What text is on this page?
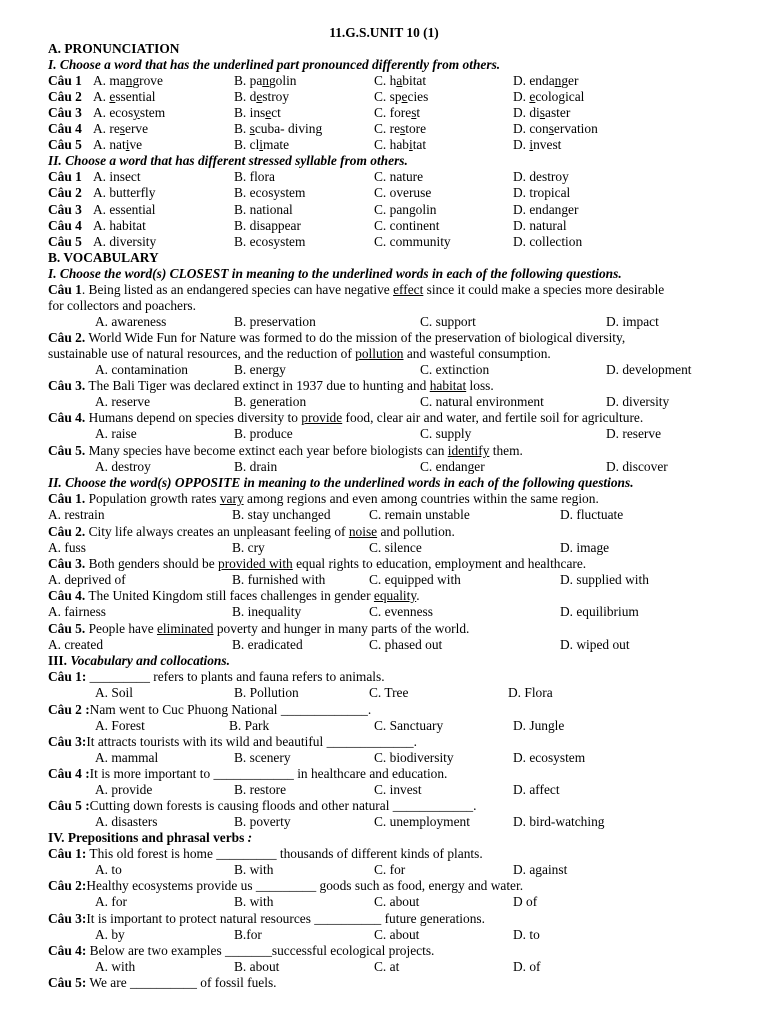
11.G.S.UNIT 10 (1)
A. PRONUNCIATION
I. Choose a word that has the underlined part pronounced differently from others.
II. Choose a word that has different stressed syllable from others.
B. VOCABULARY
I. Choose the word(s) CLOSEST in meaning to the underlined words in each of the following questions.
Câu 1. Being listed as an endangered species can have negative effect since it could make a species more desirable
for collectors and poachers.
A. awareness	B. preservation	C. support	D. impact
Câu 2. World Wide Fun for Nature was formed to do the mission of the preservation of biological diversity,
sustainable use of natural resources, and the reduction of pollution and wasteful consumption.
A. contamination	B. energy	C. extinction	D. development
Câu 3. The Bali Tiger was declared extinct in 1937 due to hunting and habitat loss.
A. reserve	B. generation	C. natural environment	D. diversity
Câu 4. Humans depend on species diversity to provide food, clear air and water, and fertile soil for agriculture.
A. raise	B. produce	C. supply	D. reserve
Câu 5. Many species have become extinct each year before biologists can identify them.
A. destroy	B. drain	C. endanger	D. discover
II. Choose the word(s) OPPOSITE in meaning to the underlined words in each of the following questions.
III. Vocabulary and collocations.
IV. Prepositions and phrasal verbs :
Câu 1 A. mangrove	B. pangolin	C. habitat	D. endanger
Câu 2 A. essential	B. destroy	C. species	D. ecological
Câu 3 A. ecosystem	B. insect	C. forest	D. disaster
Câu 4 A. reserve	B. scuba- diving	C. restore	D. conservation
Câu 5 A. native	B. climate	C. habitat	D. invest
Câu 1 A. insect	B. flora	C. nature	D. destroy
Câu 2 A. butterfly	B. ecosystem	C. overuse	D. tropical
Câu 3 A. essential	B. national	C. pangolin	D. endanger
Câu 4 A. habitat	B. disappear	C. continent	D. natural
Câu 5 A. diversity	B. ecosystem	C. community	D. collection
Câu 1. Population growth rates vary among regions and even among countries within the same region.
A. restrain	B. stay unchanged	C. remain unstable	D. fluctuate
Câu 2. City life always creates an unpleasant feeling of noise and pollution.
A. fuss	B. cry	C. silence	D. image
Câu 3. Both genders should be provided with equal rights to education, employment and healthcare.
A. deprived of	B. furnished with	C. equipped with	D. supplied with
Câu 4. The United Kingdom still faces challenges in gender equality.
A. fairness	B. inequality	C. evenness	D. equilibrium
Câu 5. People have eliminated poverty and hunger in many parts of the world.
A. created	B. eradicated	C. phased out	D. wiped out
Câu 1: _________ refers to plants and fauna refers to animals.
A. Soil	B. Pollution	C. Tree	D. Flora
Câu 2 :Nam went to Cuc Phuong National _____________.
A. Forest	B. Park	C. Sanctuary	D. Jungle
Câu 3:It attracts tourists with its wild and beautiful _____________.
A. mammal	B. scenery	C. biodiversity	D. ecosystem
Câu 4 :It is more important to ____________ in healthcare and education.
A. provide	B. restore	C. invest	D. affect
Câu 5 :Cutting down forests is causing floods and other natural ____________.
A. disasters	B. poverty	C. unemployment	D. bird-watching
Câu 1: This old forest is home _________ thousands of different kinds of plants.
A. to	B. with	C. for	D. against
Câu 2:Healthy ecosystems provide us _________ goods such as food, energy and water.
A. for	B. with	C. about	D of
Câu 3:It is important to protect natural resources __________ future generations.
A. by	B.for	C. about	D. to
Câu 4: Below are two examples _______successful ecological projects.
A. with	B. about	C. at	D. of
Câu 5: We are __________ of fossil fuels.
